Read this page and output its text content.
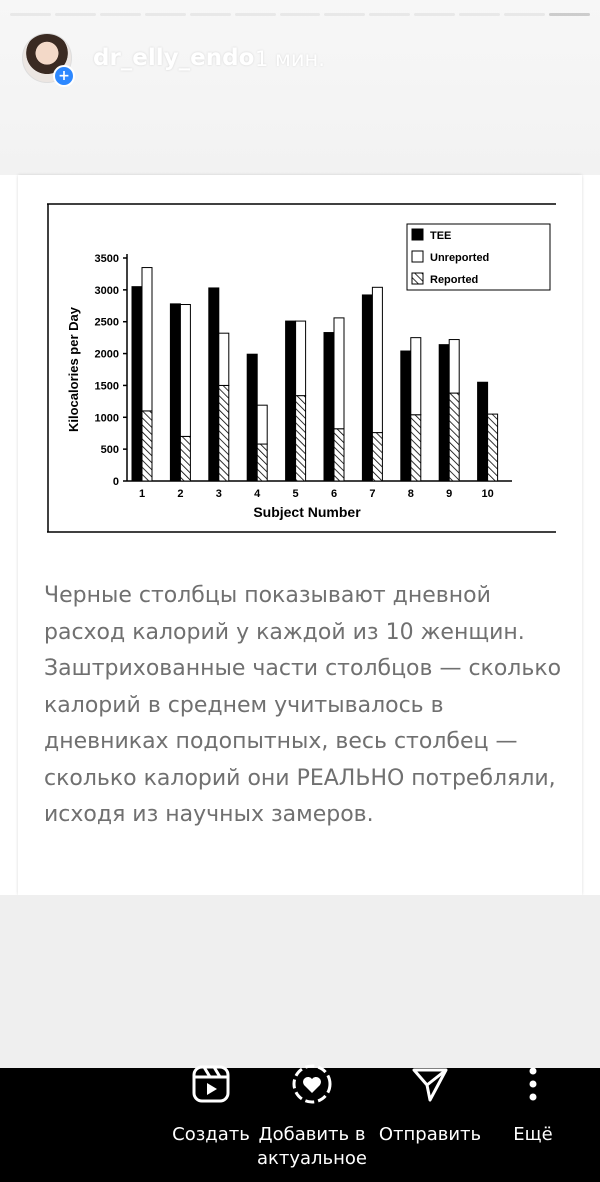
+
dr_elly_endo 1 мин.
0
500
1000
1500
2000
2500
3000
3500
Kilocalories per Day
Subject Number
1	2	3	4	5	6	7	8	9	10
TEE
Unreported
Reported
Черные столбцы показывают дневной расход калорий у каждой из 10 женщин. Заштрихованные части столбцов — сколько калорий в среднем учитывалось в дневниках подопытных, весь столбец — сколько калорий они РЕАЛЬНО потребляли, исходя из научных замеров.
Создать Добавить в актуальное
Отправить	Ещё
